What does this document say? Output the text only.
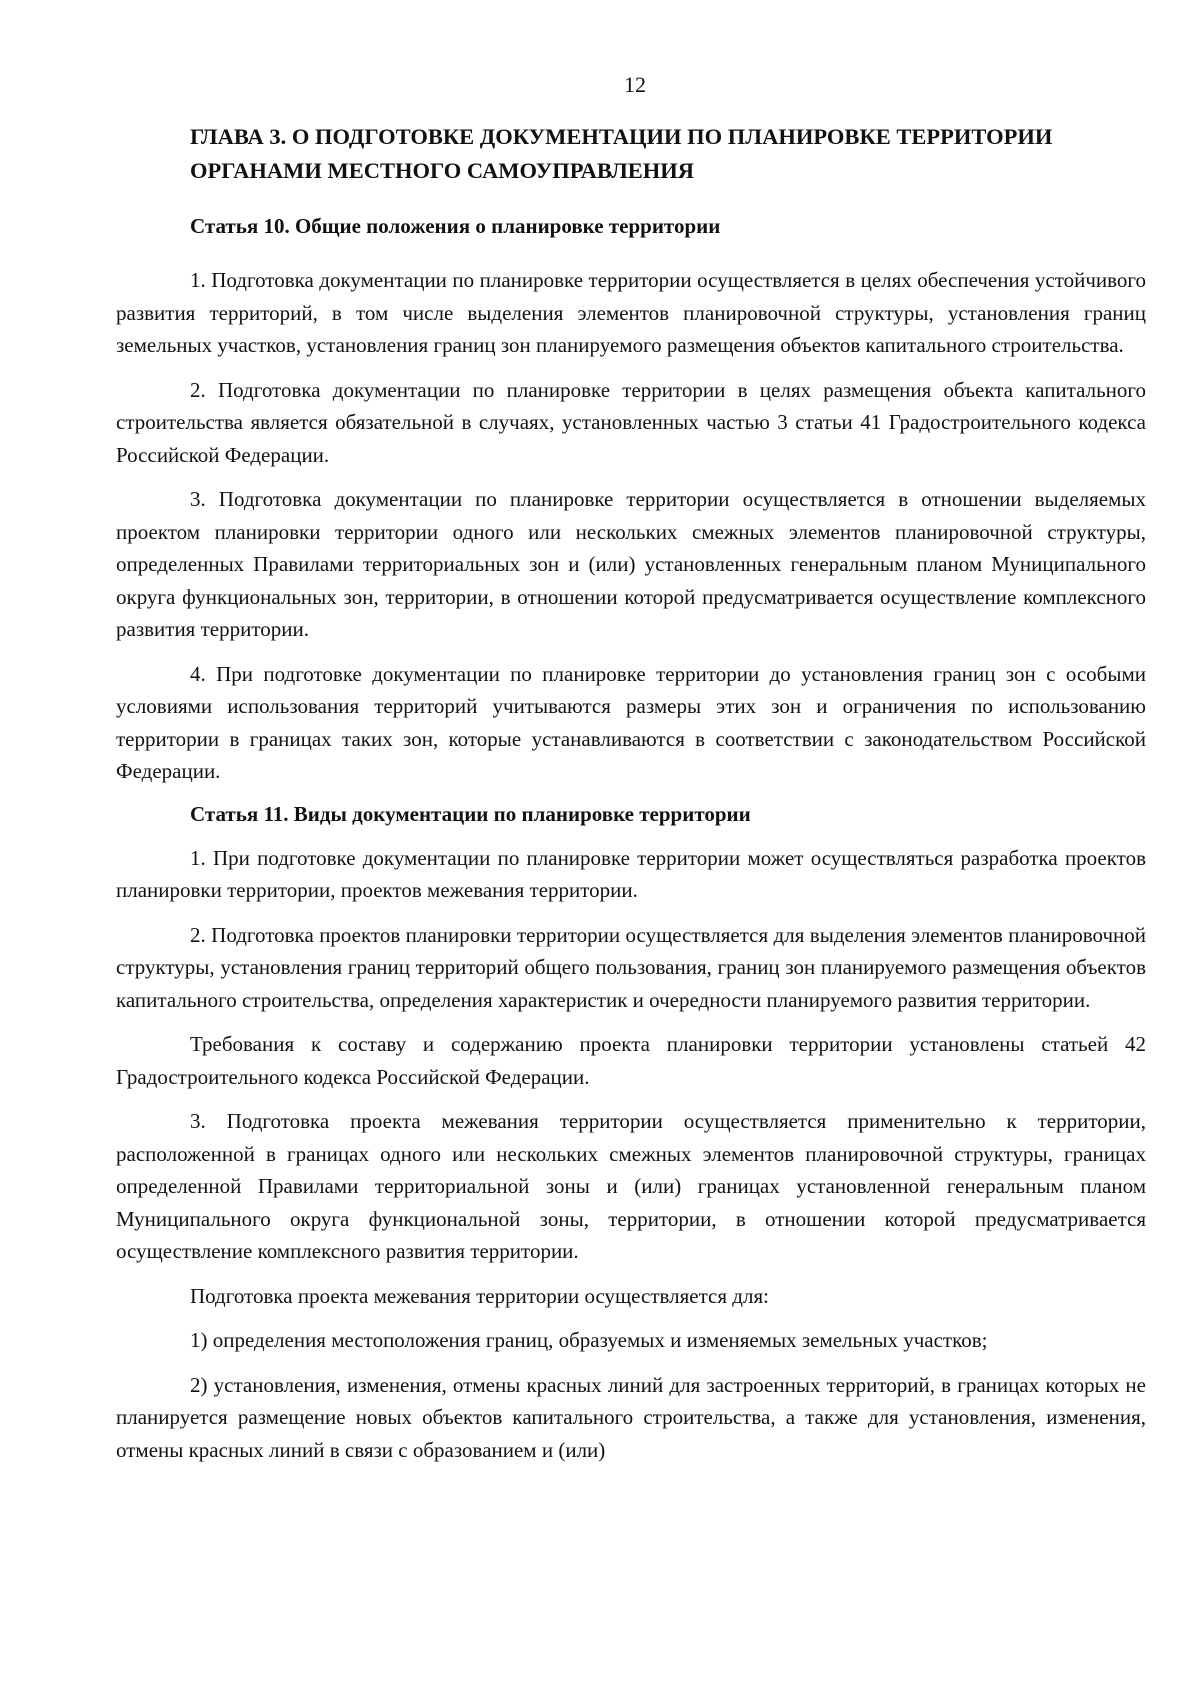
12
ГЛАВА 3. О ПОДГОТОВКЕ ДОКУМЕНТАЦИИ ПО ПЛАНИРОВКЕ ТЕРРИТОРИИ
ОРГАНАМИ МЕСТНОГО САМОУПРАВЛЕНИЯ
Статья 10. Общие положения о планировке территории

1. Подготовка документации по планировке территории осуществляется в целях обеспечения устойчивого развития территорий, в том числе выделения элементов планировочной структуры, установления границ земельных участков, установления границ зон планируемого размещения объектов капитального строительства.

2. Подготовка документации по планировке территории в целях размещения объекта капитального строительства является обязательной в случаях, установленных частью 3 статьи 41 Градостроительного кодекса Российской Федерации.

3. Подготовка документации по планировке территории осуществляется в отношении выделяемых проектом планировки территории одного или нескольких смежных элементов планировочной структуры, определенных Правилами территориальных зон и (или) установленных генеральным планом Муниципального округа функциональных зон, территории, в отношении которой предусматривается осуществление комплексного развития территории.

4. При подготовке документации по планировке территории до установления границ зон с особыми условиями использования территорий учитываются размеры этих зон и ограничения по использованию территории в границах таких зон, которые устанавливаются в соответствии с законодательством Российской Федерации.

Статья 11. Виды документации по планировке территории

1. При подготовке документации по планировке территории может осуществляться разработка проектов планировки территории, проектов межевания территории.

2. Подготовка проектов планировки территории осуществляется для выделения элементов планировочной структуры, установления границ территорий общего пользования, границ зон планируемого размещения объектов капитального строительства, определения характеристик и очередности планируемого развития территории.

Требования к составу и содержанию проекта планировки территории установлены статьей 42 Градостроительного кодекса Российской Федерации.

3. Подготовка проекта межевания территории осуществляется применительно к территории, расположенной в границах одного или нескольких смежных элементов планировочной структуры, границах определенной Правилами территориальной зоны и (или) границах установленной генеральным планом Муниципального округа функциональной зоны, территории, в отношении которой предусматривается осуществление комплексного развития территории.

Подготовка проекта межевания территории осуществляется для:

1) определения местоположения границ, образуемых и изменяемых земельных участков;

2) установления, изменения, отмены красных линий для застроенных территорий, в границах которых не планируется размещение новых объектов капитального строительства, а также для установления, изменения, отмены красных линий в связи с образованием и (или)
